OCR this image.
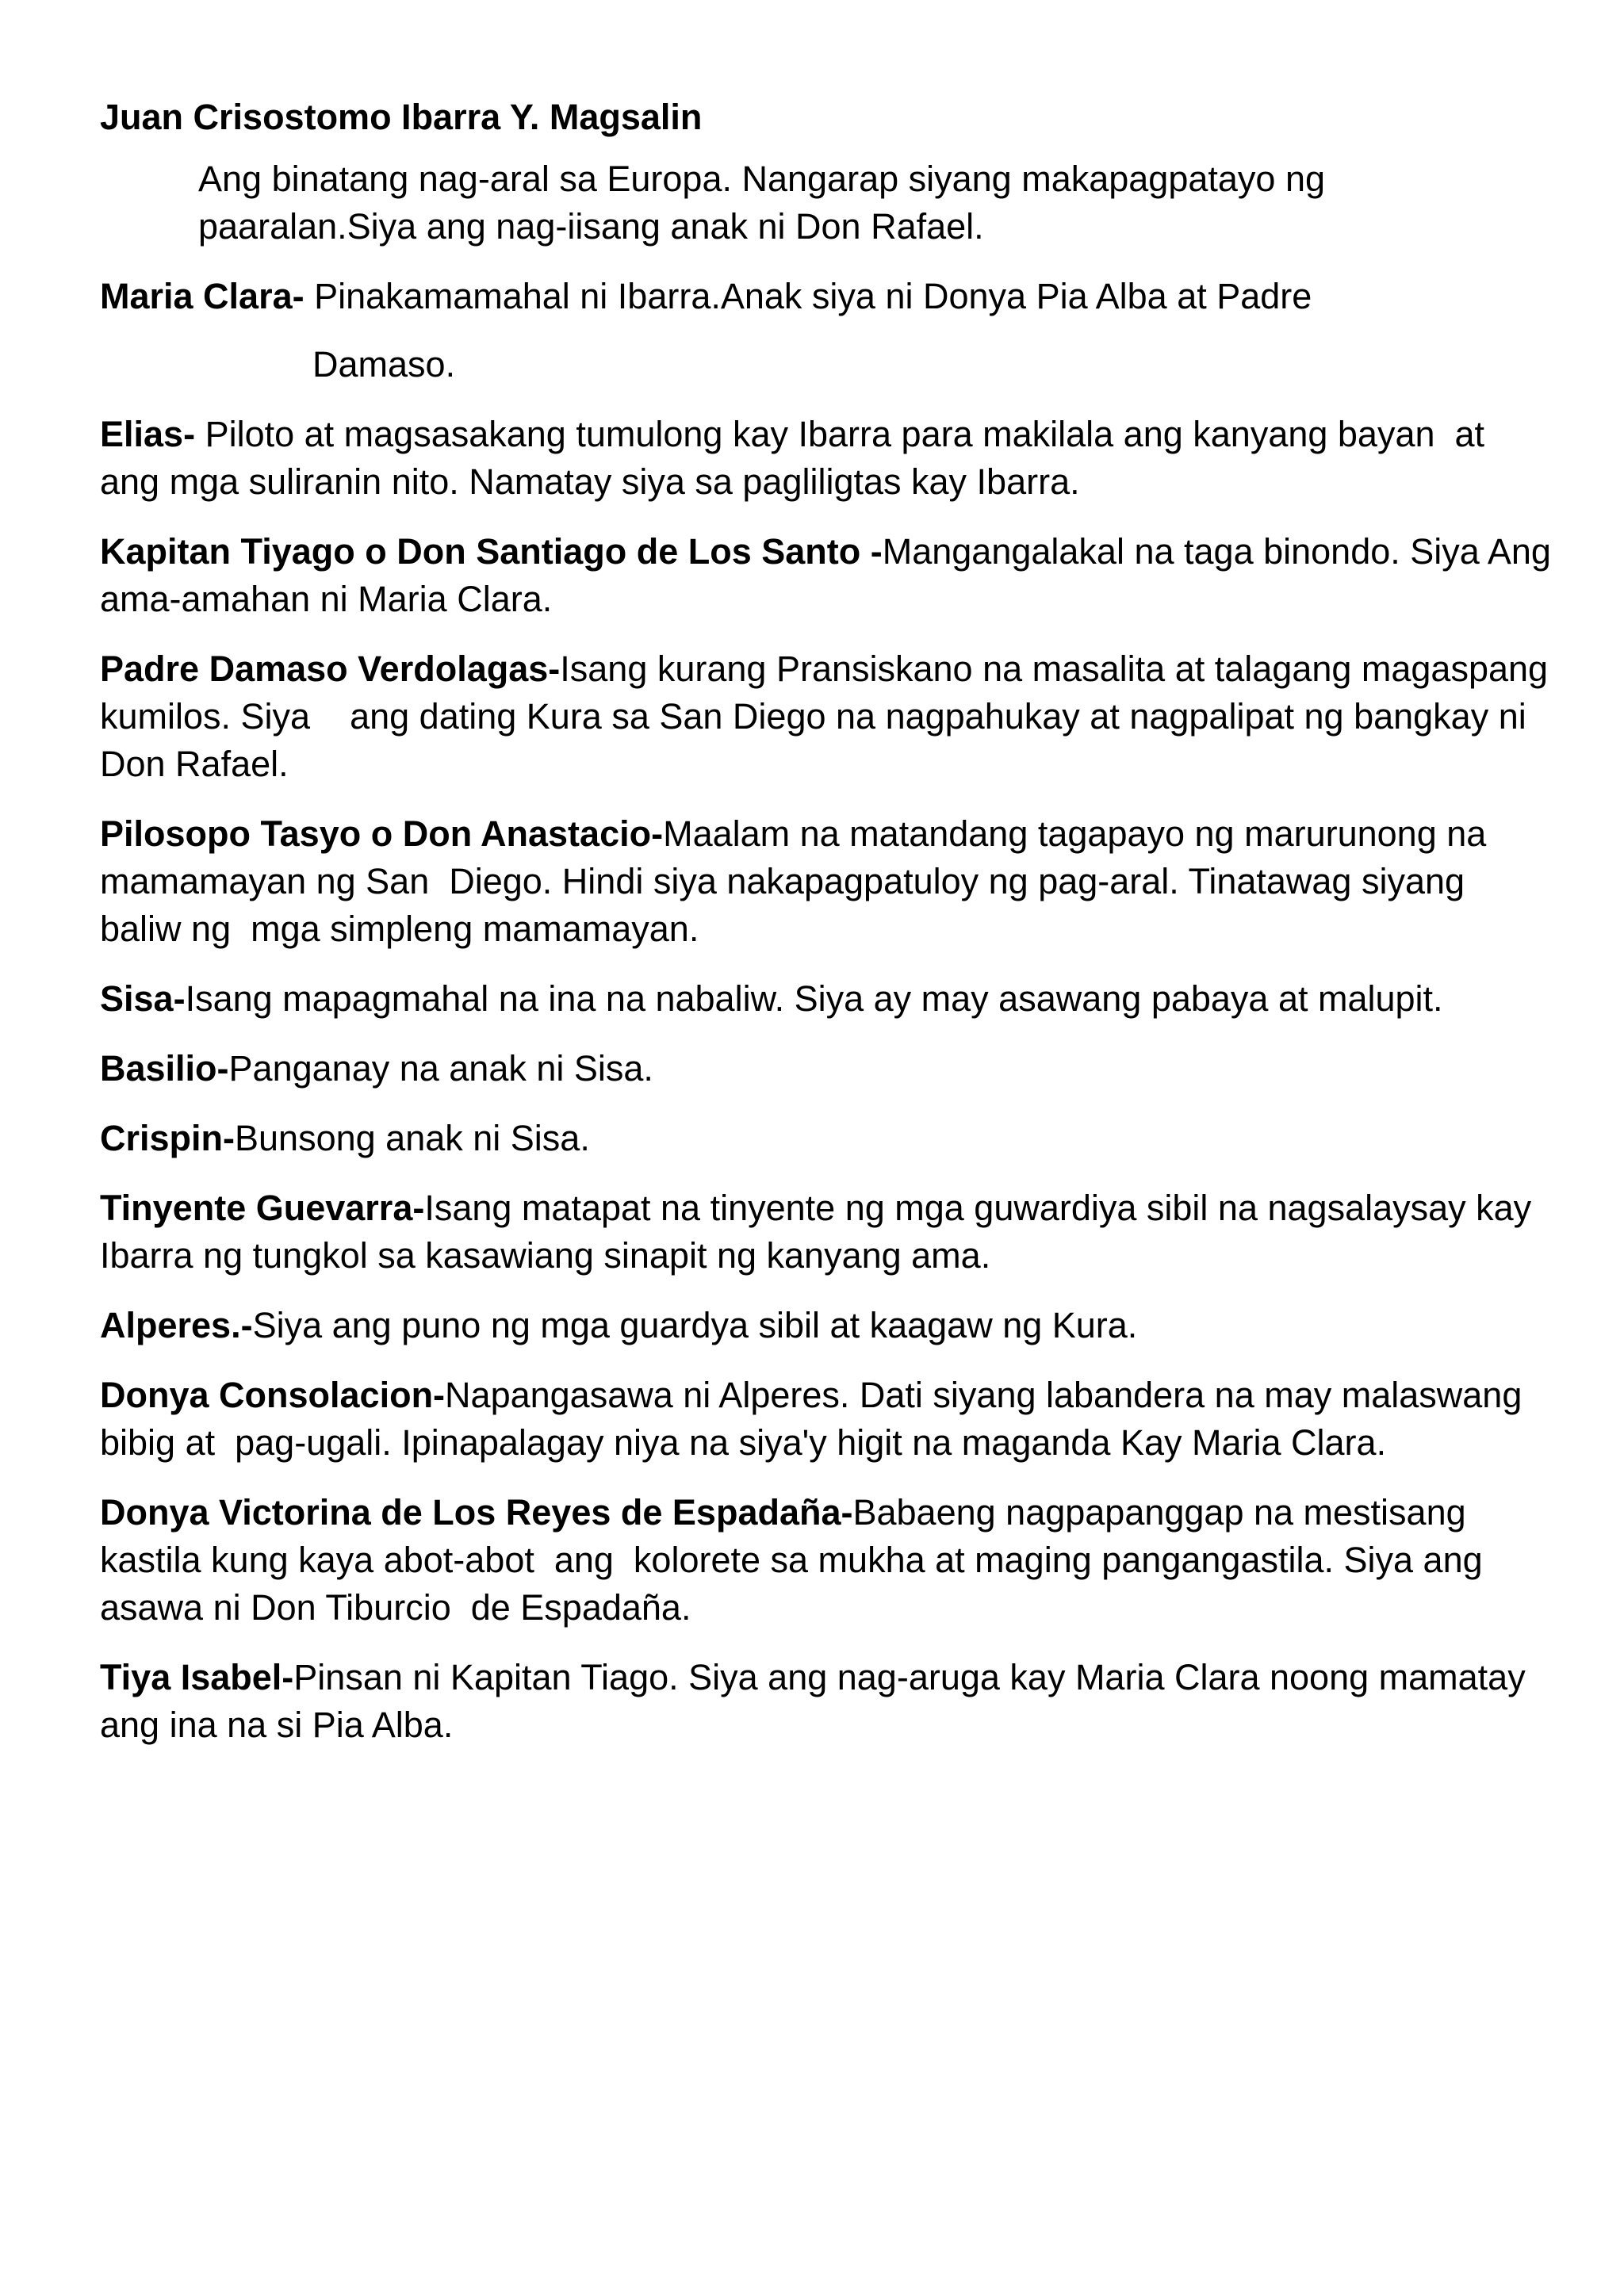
Juan Crisostomo Ibarra Y. Magsalin
Ang binatang nag-aral sa Europa. Nangarap siyang makapagpatayo ng
paaralan.Siya ang nag-iisang anak ni Don Rafael.
Maria Clara- Pinakamamahal ni Ibarra.Anak siya ni Donya Pia Alba at Padre
Damaso.
Elias- Piloto at magsasakang tumulong kay Ibarra para makilala ang kanyang bayan  at ang mga suliranin nito. Namatay siya sa pagliligtas kay Ibarra.
Kapitan Tiyago o Don Santiago de Los Santo -Mangangalakal na taga binondo. Siya Ang ama-amahan ni Maria Clara.
Padre Damaso Verdolagas-Isang kurang Pransiskano na masalita at talagang magaspang kumilos. Siya    ang dating Kura sa San Diego na nagpahukay at nagpalipat ng bangkay ni  Don Rafael.
Pilosopo Tasyo o Don Anastacio-Maalam na matandang tagapayo ng marurunong na mamamayan ng San  Diego. Hindi siya nakapagpatuloy ng pag-aral. Tinatawag siyang baliw ng  mga simpleng mamamayan.
Sisa-Isang mapagmahal na ina na nabaliw. Siya ay may asawang pabaya at malupit.
Basilio-Panganay na anak ni Sisa.
Crispin-Bunsong anak ni Sisa.
Tinyente Guevarra-Isang matapat na tinyente ng mga guwardiya sibil na nagsalaysay kay Ibarra ng tungkol sa kasawiang sinapit ng kanyang ama.
Alperes.-Siya ang puno ng mga guardya sibil at kaagaw ng Kura.
Donya Consolacion-Napangasawa ni Alperes. Dati siyang labandera na may malaswang bibig at  pag-ugali. Ipinapalagay niya na siya'y higit na maganda Kay Maria Clara.
Donya Victorina de Los Reyes de Espadaña-Babaeng nagpapanggap na mestisang kastila kung kaya abot-abot  ang  kolorete sa mukha at maging pangangastila. Siya ang asawa ni Don Tiburcio  de Espadaña.
Tiya Isabel-Pinsan ni Kapitan Tiago. Siya ang nag-aruga kay Maria Clara noong mamatay  ang ina na si Pia Alba.
